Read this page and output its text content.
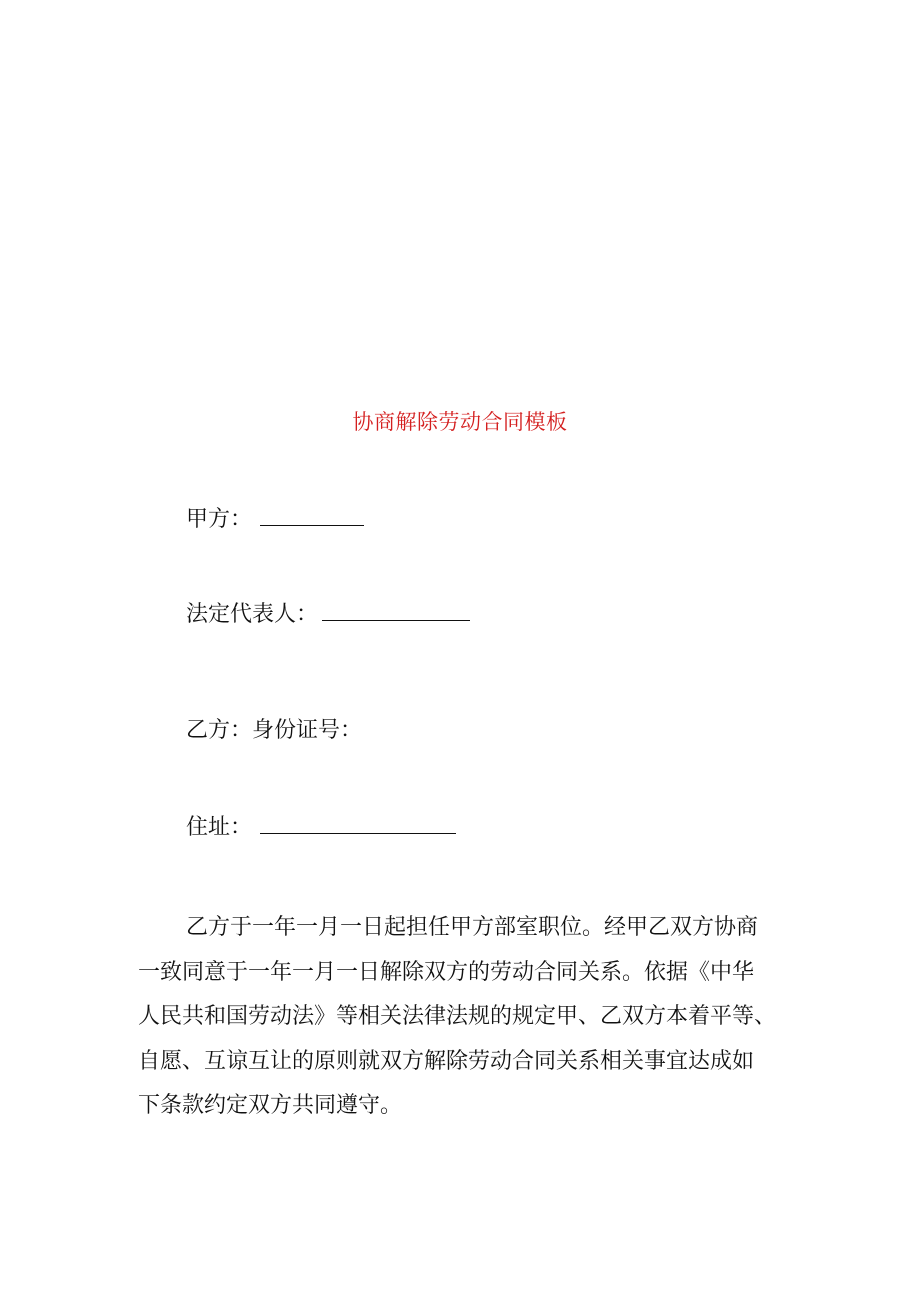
协商解除劳动合同模板
甲方：
法定代表人：
乙方：身份证号：
住址：
乙方于一年一月一日起担任甲方部室职位。经甲乙双方协商
一致同意于一年一月一日解除双方的劳动合同关系。依据《中华
人民共和国劳动法》等相关法律法规的规定甲、乙双方本着平等、
自愿、互谅互让的原则就双方解除劳动合同关系相关事宜达成如
下条款约定双方共同遵守。
